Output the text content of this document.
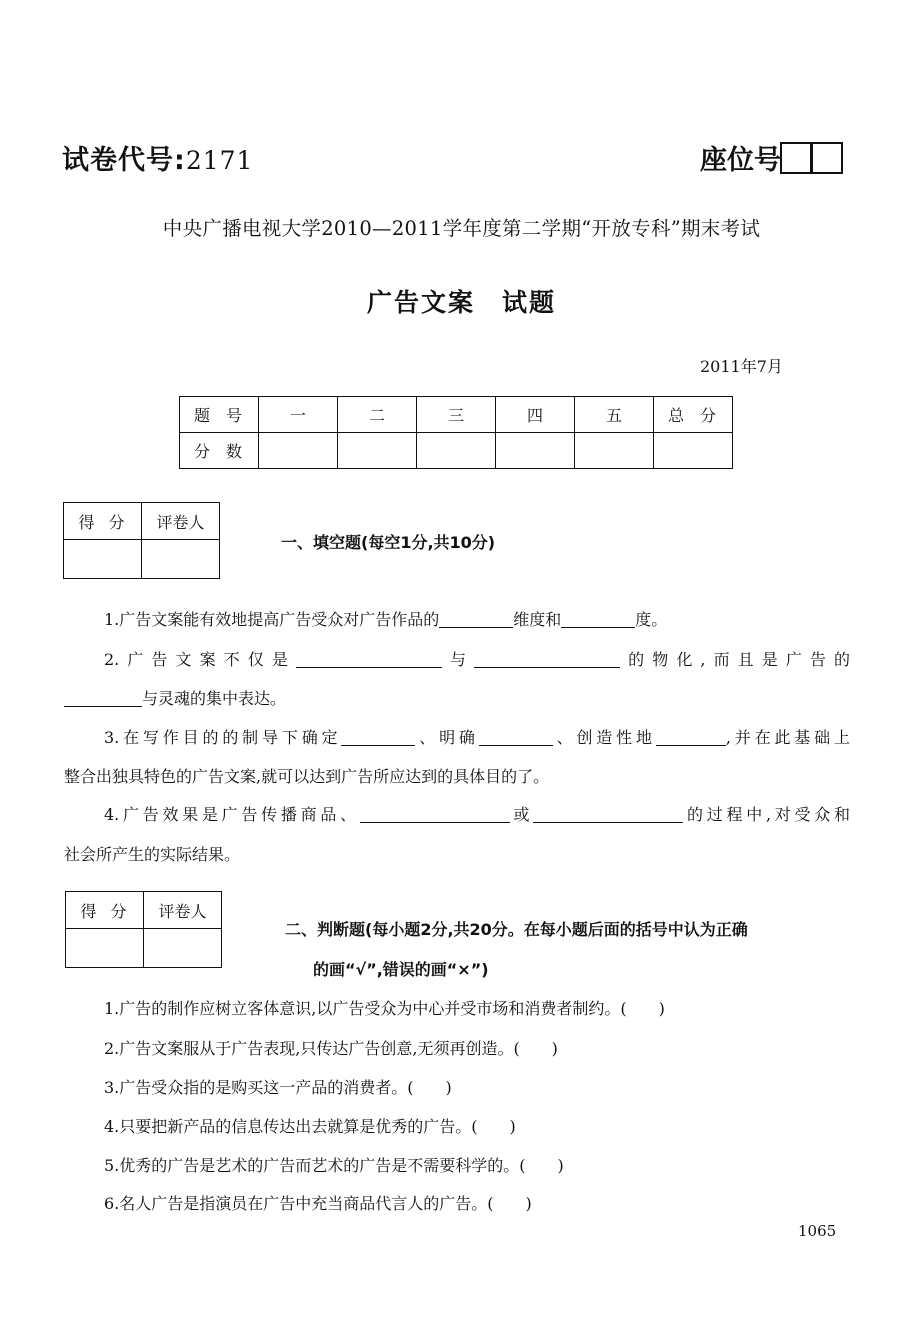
试卷代号:2171	座位号
中央广播电视大学2010—2011学年度第二学期“开放专科”期末考试
广告文案　试题
2011年7月
题号	一	二	三	四	五	总分
分数						
得分	评卷人

一、填空题(每空1分,共10分)
1.广告文案能有效地提高广告受众对广告作品的	维度和	度。
2.广告文案不仅是	与	的物化,而且是广告的
与灵魂的集中表达。
3.在写作目的的制导下确定	、明确	、创造性地	,并在此基础上
整合出独具特色的广告文案,就可以达到广告所应达到的具体目的了。
4.广告效果是广告传播商品、	或	的过程中,对受众和
社会所产生的实际结果。
得分	评卷人

二、判断题(每小题2分,共20分。在每小题后面的括号中认为正确
的画“√”,错误的画“×”)
1.广告的制作应树立客体意识,以广告受众为中心并受市场和消费者制约。(　　)
2.广告文案服从于广告表现,只传达广告创意,无须再创造。(　　)
3.广告受众指的是购买这一产品的消费者。(　　)
4.只要把新产品的信息传达出去就算是优秀的广告。(　　)
5.优秀的广告是艺术的广告而艺术的广告是不需要科学的。(　　)
6.名人广告是指演员在广告中充当商品代言人的广告。(　　)
1065
